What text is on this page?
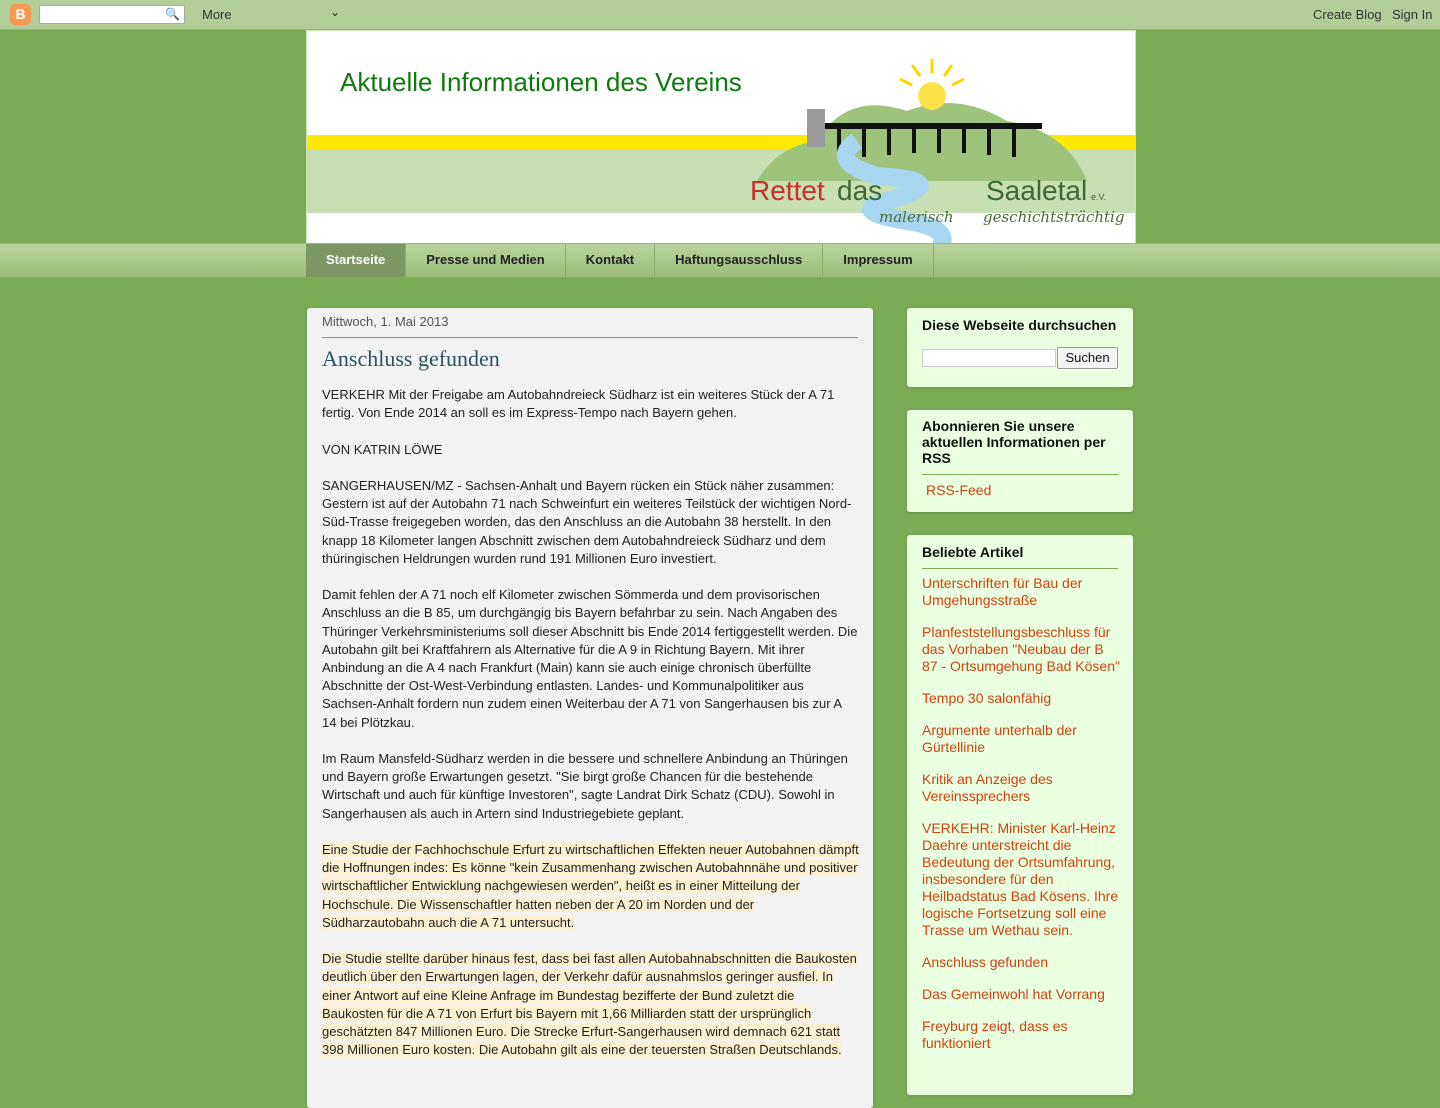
B	🔍 More	⌄	Create Blog Sign In
Aktuelle Informationen des Vereins
Rettet das	Saaletal e.V.
malerisch geschichtsträchtig
Startseite	Presse und Medien	Kontakt	Haftungsausschluss	Impressum
Mittwoch, 1. Mai 2013
Anschluss gefunden

VERKEHR Mit der Freigabe am Autobahndreieck Südharz ist ein weiteres Stück der A 71 fertig. Von Ende 2014 an soll es im Express-Tempo nach Bayern gehen.

VON KATRIN LÖWE

SANGERHAUSEN/MZ - Sachsen-Anhalt und Bayern rücken ein Stück näher zusammen: Gestern ist auf der Autobahn 71 nach Schweinfurt ein weiteres Teilstück der wichtigen Nord-Süd-Trasse freigegeben worden, das den Anschluss an die Autobahn 38 herstellt. In den knapp 18 Kilometer langen Abschnitt zwischen dem Autobahndreieck Südharz und dem thüringischen Heldrungen wurden rund 191 Millionen Euro investiert.

Damit fehlen der A 71 noch elf Kilometer zwischen Sömmerda und dem provisorischen Anschluss an die B 85, um durchgängig bis Bayern befahrbar zu sein. Nach Angaben des Thüringer Verkehrsministeriums soll dieser Abschnitt bis Ende 2014 fertiggestellt werden. Die Autobahn gilt bei Kraftfahrern als Alternative für die A 9 in Richtung Bayern. Mit ihrer Anbindung an die A 4 nach Frankfurt (Main) kann sie auch einige chronisch überfüllte Abschnitte der Ost-West-Verbindung entlasten. Landes- und Kommunalpolitiker aus Sachsen-Anhalt fordern nun zudem einen Weiterbau der A 71 von Sangerhausen bis zur A 14 bei Plötzkau.

Im Raum Mansfeld-Südharz werden in die bessere und schnellere Anbindung an Thüringen und Bayern große Erwartungen gesetzt. "Sie birgt große Chancen für die bestehende Wirtschaft und auch für künftige Investoren", sagte Landrat Dirk Schatz (CDU). Sowohl in Sangerhausen als auch in Artern sind Industriegebiete geplant.

Eine Studie der Fachhochschule Erfurt zu wirtschaftlichen Effekten neuer Autobahnen dämpft die Hoffnungen indes: Es könne "kein Zusammenhang zwischen Autobahnnähe und positiver wirtschaftlicher Entwicklung nachgewiesen werden", heißt es in einer Mitteilung der Hochschule. Die Wissenschaftler hatten neben der A 20 im Norden und der Südharzautobahn auch die A 71 untersucht.

Die Studie stellte darüber hinaus fest, dass bei fast allen Autobahnabschnitten die Baukosten deutlich über den Erwartungen lagen, der Verkehr dafür ausnahmslos geringer ausfiel. In einer Antwort auf eine Kleine Anfrage im Bundestag bezifferte der Bund zuletzt die Baukosten für die A 71 von Erfurt bis Bayern mit 1,66 Milliarden statt der ursprünglich geschätzten 847 Millionen Euro. Die Strecke Erfurt-Sangerhausen wird demnach 621 statt 398 Millionen Euro kosten. Die Autobahn gilt als eine der teuersten Straßen Deutschlands.

Diese Webseite durchsuchen
Suchen
Abonnieren Sie unsere aktuellen Informationen per RSS
RSS-Feed
Beliebte Artikel
Unterschriften für Bau der Umgehungsstraße
Planfeststellungsbeschluss für das Vorhaben "Neubau der B 87 - Ortsumgehung Bad Kösen"
Tempo 30 salonfähig
Argumente unterhalb der Gürtellinie
Kritik an Anzeige des Vereinssprechers
VERKEHR: Minister Karl-Heinz Daehre unterstreicht die Bedeutung der Ortsumfahrung, insbesondere für den Heilbadstatus Bad Kösens. Ihre logische Fortsetzung soll eine Trasse um Wethau sein.
Anschluss gefunden
Das Gemeinwohl hat Vorrang
Freyburg zeigt, dass es funktioniert
